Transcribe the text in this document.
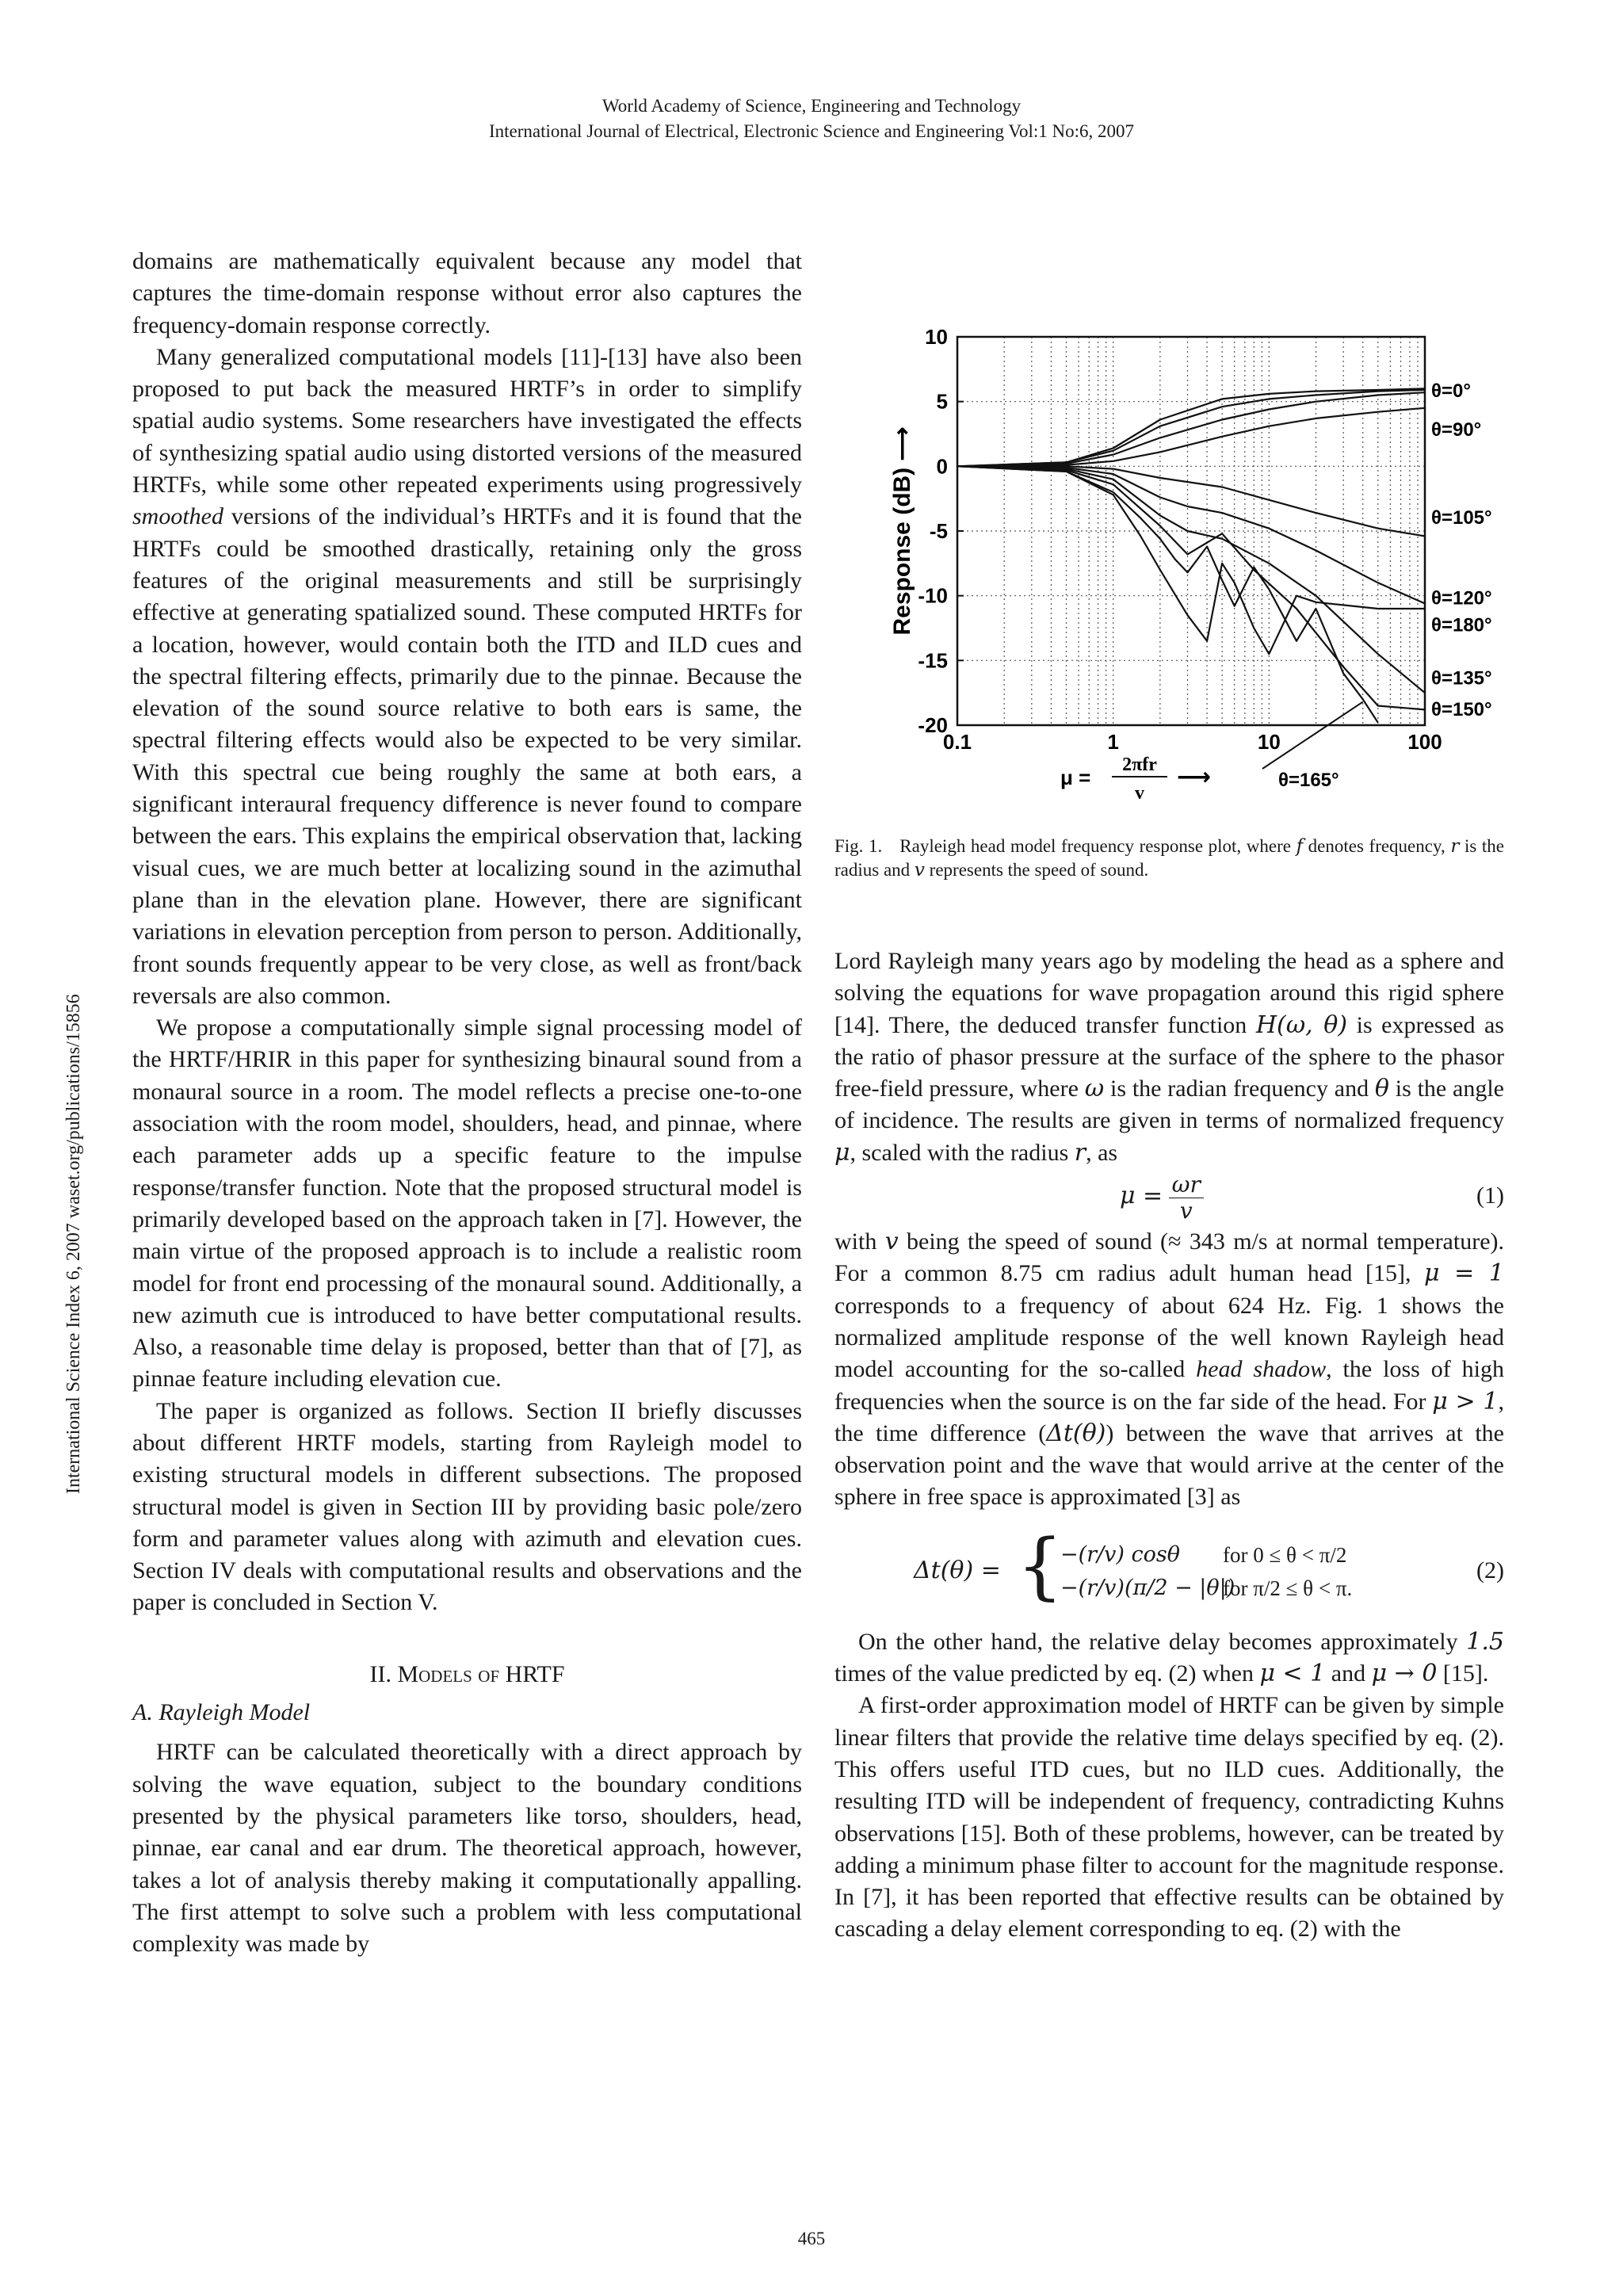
World Academy of Science, Engineering and Technology
International Journal of Electrical, Electronic Science and Engineering Vol:1 No:6, 2007
International Science Index 6, 2007 waset.org/publications/15856

domains are mathematically equivalent because any model that captures the time-domain response without error also captures the frequency-domain response correctly.

Many generalized computational models [11]-[13] have also been proposed to put back the measured HRTF’s in order to simplify spatial audio systems. Some researchers have investigated the effects of synthesizing spatial audio using distorted versions of the measured HRTFs, while some other repeated experiments using progressively smoothed versions of the individual’s HRTFs and it is found that the HRTFs could be smoothed drastically, retaining only the gross features of the original measurements and still be surprisingly effective at generating spatialized sound. These computed HRTFs for a location, however, would contain both the ITD and ILD cues and the spectral filtering effects, primarily due to the pinnae. Because the elevation of the sound source relative to both ears is same, the spectral filtering effects would also be expected to be very similar. With this spectral cue being roughly the same at both ears, a significant interaural frequency difference is never found to compare between the ears. This explains the empirical observation that, lacking visual cues, we are much better at localizing sound in the azimuthal plane than in the elevation plane. However, there are significant variations in elevation perception from person to person. Additionally, front sounds frequently appear to be very close, as well as front/back reversals are also common.

We propose a computationally simple signal processing model of the HRTF/HRIR in this paper for synthesizing binaural sound from a monaural source in a room. The model reflects a precise one-to-one association with the room model, shoulders, head, and pinnae, where each parameter adds up a specific feature to the impulse response/transfer function. Note that the proposed structural model is primarily developed based on the approach taken in [7]. However, the main virtue of the proposed approach is to include a realistic room model for front end processing of the monaural sound. Additionally, a new azimuth cue is introduced to have better computational results. Also, a reasonable time delay is proposed, better than that of [7], as pinnae feature including elevation cue.

The paper is organized as follows. Section II briefly discusses about different HRTF models, starting from Rayleigh model to existing structural models in different subsections. The proposed structural model is given in Section III by providing basic pole/zero form and parameter values along with azimuth and elevation cues. Section IV deals with computational results and observations and the paper is concluded in Section V.

II. Models of HRTF
A. Rayleigh Model

HRTF can be calculated theoretically with a direct approach by solving the wave equation, subject to the boundary conditions presented by the physical parameters like torso, shoulders, head, pinnae, ear canal and ear drum. The theoretical approach, however, takes a lot of analysis thereby making it computationally appalling. The first attempt to solve such a problem with less computational complexity was made by

10
5
0
-5
-10
-15
-20
0.1	1	10	100
Response (dB) ⟶
μ =
2πfr
v
⟶
θ=0°
θ=90°
θ=105°
θ=120°
θ=180°
θ=135°
θ=150°
θ=165°
Fig. 1. Rayleigh head model frequency response plot, where f denotes frequency, r is the radius and v represents the speed of sound.

Lord Rayleigh many years ago by modeling the head as a sphere and solving the equations for wave propagation around this rigid sphere [14]. There, the deduced transfer function H(ω, θ) is expressed as the ratio of phasor pressure at the surface of the sphere to the phasor free-field pressure, where ω is the radian frequency and θ is the angle of incidence. The results are given in terms of normalized frequency μ, scaled with the radius r, as

$\mu = \frac{\omega r}{v}$	(1)

with v being the speed of sound (≈ 343 m/s at normal temperature). For a common 8.75 cm radius adult human head [15], μ = 1 corresponds to a frequency of about 624 Hz. Fig. 1 shows the normalized amplitude response of the well known Rayleigh head model accounting for the so-called head shadow, the loss of high frequencies when the source is on the far side of the head. For μ > 1, the time difference (Δt(θ)) between the wave that arrives at the observation point and the wave that would arrive at the center of the sphere in free space is approximated [3] as

Δt(θ) = {
−(r/v) cosθ for 0 ≤ θ < π/2
−(r/v)(π/2 − |θ|)
for π/2 ≤ θ < π.
(2)

On the other hand, the relative delay becomes approximately 1.5 times of the value predicted by eq. (2) when μ < 1 and μ → 0 [15].

A first-order approximation model of HRTF can be given by simple linear filters that provide the relative time delays specified by eq. (2). This offers useful ITD cues, but no ILD cues. Additionally, the resulting ITD will be independent of frequency, contradicting Kuhns observations [15]. Both of these problems, however, can be treated by adding a minimum phase filter to account for the magnitude response. In [7], it has been reported that effective results can be obtained by cascading a delay element corresponding to eq. (2) with the

465
